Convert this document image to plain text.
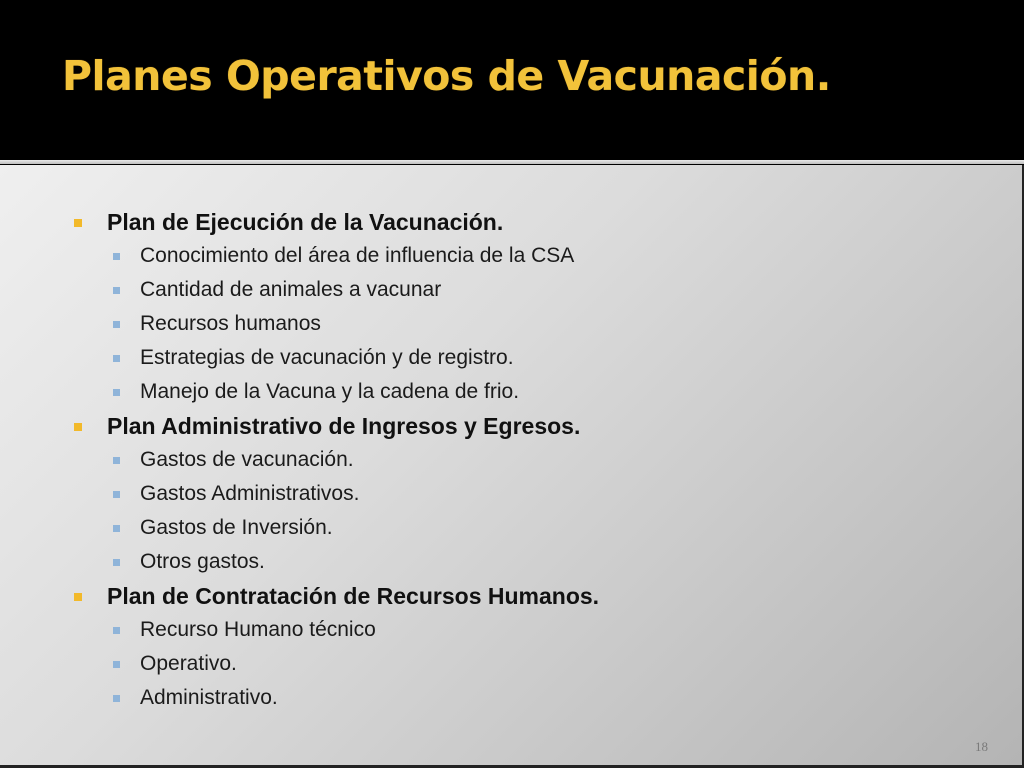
Planes Operativos de Vacunación.
Plan de Ejecución de la Vacunación.
Conocimiento del área de influencia de la CSA
Cantidad de animales a vacunar
Recursos humanos
Estrategias de vacunación y de registro.
Manejo de la Vacuna y la cadena de frio.
Plan Administrativo de Ingresos y Egresos.
Gastos de vacunación.
Gastos Administrativos.
Gastos de Inversión.
Otros gastos.
Plan de Contratación de Recursos Humanos.
Recurso Humano técnico
Operativo.
Administrativo.
18
